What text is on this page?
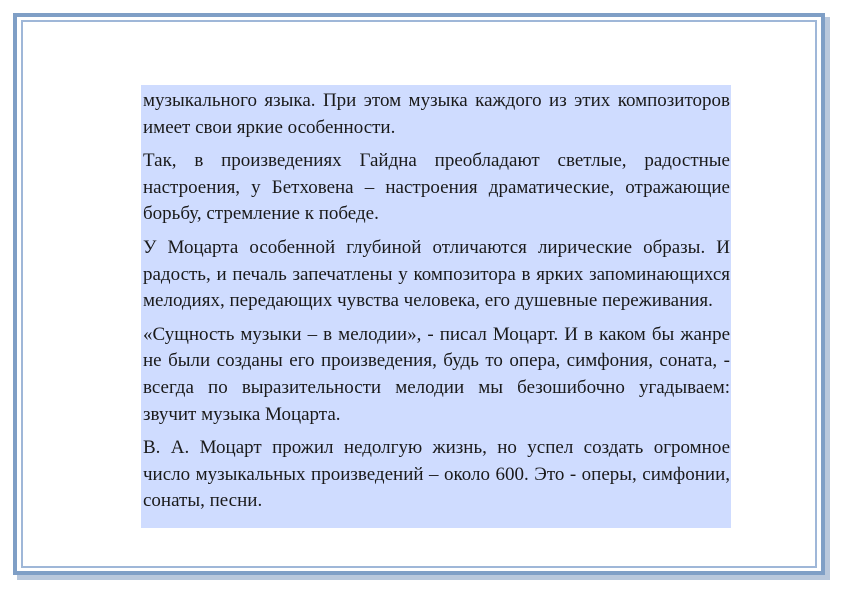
музыкального языка. При этом музыка каждого из этих композиторов имеет свои яркие особенности.

Так, в произведениях Гайдна преобладают светлые, радостные настроения, у Бетховена – настроения драматические, отражающие борьбу, стремление к победе.

У Моцарта особенной глубиной отличаются лирические образы. И радость, и печаль запечатлены у композитора в ярких запоминающихся мелодиях, передающих чувства человека, его душевные переживания.

«Сущность музыки – в мелодии», - писал Моцарт. И в каком бы жанре не были созданы его произведения, будь то опера, симфония, соната, - всегда по выразительности мелодии мы безошибочно угадываем: звучит музыка Моцарта.

В. А. Моцарт прожил недолгую жизнь, но успел создать огромное число музыкальных произведений – около 600. Это - оперы, симфонии, сонаты, песни.
